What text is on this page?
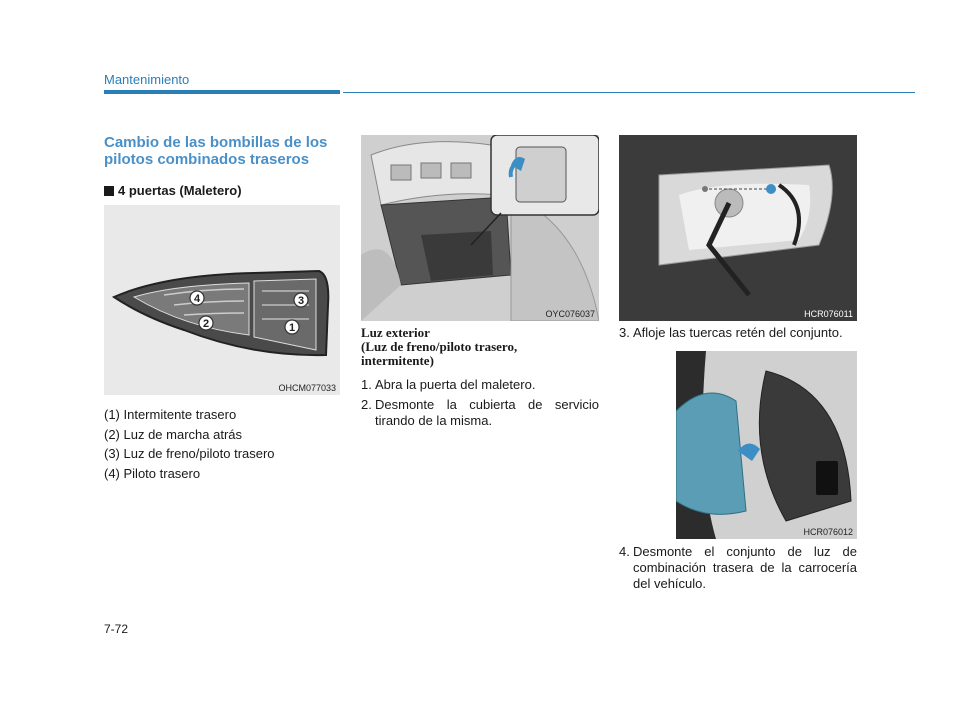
Mantenimiento
Cambio de las bombillas de los pilotos combinados traseros
4 puertas (Maletero)
1
2
3
4
OHCM077033
(1) Intermitente trasero
(2) Luz de marcha atrás
(3) Luz de freno/piloto trasero
(4) Piloto trasero
OYC076037
Luz exterior
(Luz de freno/piloto trasero,
intermitente)
1. Abra la puerta del maletero.
2. Desmonte la cubierta de servicio tirando de la misma.
HCR076011
3. Afloje las tuercas retén del conjunto.
HCR076012
4. Desmonte el conjunto de luz de combinación trasera de la carrocería del vehículo.
7-72
